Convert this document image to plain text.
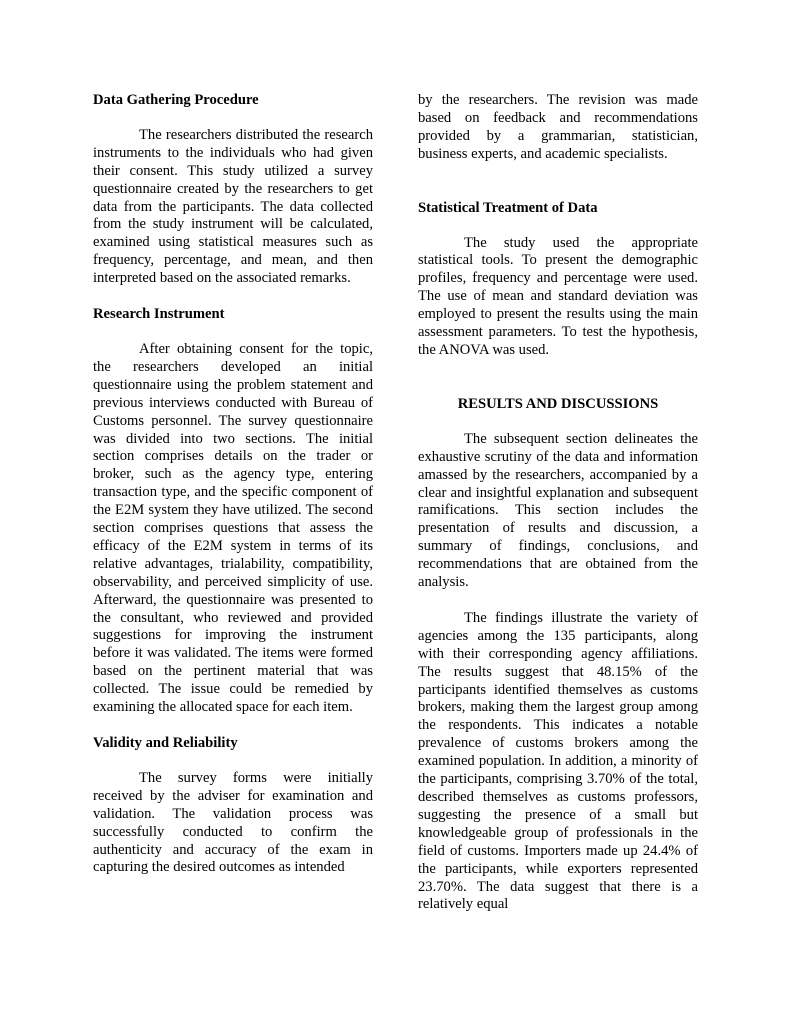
Data Gathering Procedure

The researchers distributed the research instruments to the individuals who had given their consent. This study utilized a survey questionnaire created by the researchers to get data from the participants. The data collected from the study instrument will be calculated, examined using statistical measures such as frequency, percentage, and mean, and then interpreted based on the associated remarks.

Research Instrument

After obtaining consent for the topic, the researchers developed an initial questionnaire using the problem statement and previous interviews conducted with Bureau of Customs personnel. The survey questionnaire was divided into two sections. The initial section comprises details on the trader or broker, such as the agency type, entering transaction type, and the specific component of the E2M system they have utilized. The second section comprises questions that assess the efficacy of the E2M system in terms of its relative advantages, trialability, compatibility, observability, and perceived simplicity of use. Afterward, the questionnaire was presented to the consultant, who reviewed and provided suggestions for improving the instrument before it was validated. The items were formed based on the pertinent material that was collected. The issue could be remedied by examining the allocated space for each item.

Validity and Reliability

The survey forms were initially received by the adviser for examination and validation. The validation process was successfully conducted to confirm the authenticity and accuracy of the exam in capturing the desired outcomes as intended

by the researchers. The revision was made based on feedback and recommendations provided by a grammarian, statistician, business experts, and academic specialists.

Statistical Treatment of Data

The study used the appropriate statistical tools. To present the demographic profiles, frequency and percentage were used. The use of mean and standard deviation was employed to present the results using the main assessment parameters. To test the hypothesis, the ANOVA was used.

RESULTS AND DISCUSSIONS

The subsequent section delineates the exhaustive scrutiny of the data and information amassed by the researchers, accompanied by a clear and insightful explanation and subsequent ramifications. This section includes the presentation of results and discussion, a summary of findings, conclusions, and recommendations that are obtained from the analysis.

The findings illustrate the variety of agencies among the 135 participants, along with their corresponding agency affiliations. The results suggest that 48.15% of the participants identified themselves as customs brokers, making them the largest group among the respondents. This indicates a notable prevalence of customs brokers among the examined population. In addition, a minority of the participants, comprising 3.70% of the total, described themselves as customs professors, suggesting the presence of a small but knowledgeable group of professionals in the field of customs. Importers made up 24.4% of the participants, while exporters represented 23.70%. The data suggest that there is a relatively equal
